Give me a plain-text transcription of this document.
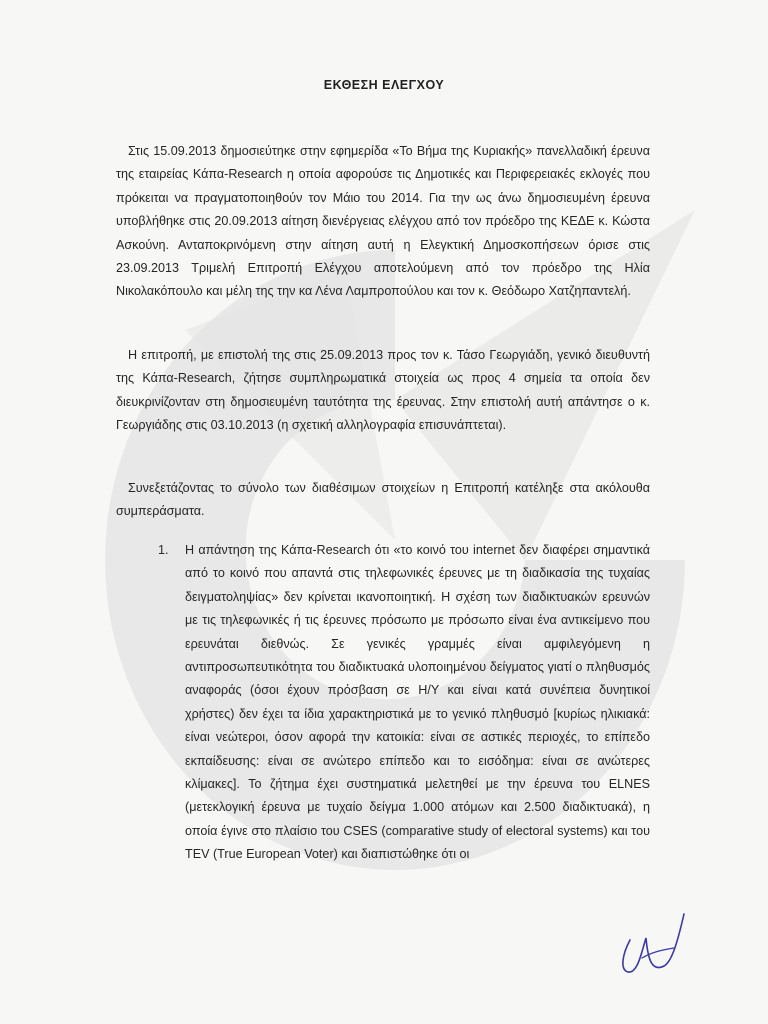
ΕΚΘΕΣΗ ΕΛΕΓΧΟΥ

Στις 15.09.2013 δημοσιεύτηκε στην εφημερίδα «Το Βήμα της Κυριακής» πανελλαδική έρευνα της εταιρείας Κάπα-Research η οποία αφορούσε τις Δημοτικές και Περιφερειακές εκλογές που πρόκειται να πραγματοποιηθούν τον Μάιο του 2014. Για την ως άνω δημοσιευμένη έρευνα υποβλήθηκε στις 20.09.2013 αίτηση διενέργειας ελέγχου από τον πρόεδρο της ΚΕΔΕ κ. Κώστα Ασκούνη. Ανταποκρινόμενη στην αίτηση αυτή η Ελεγκτική Δημοσκοπήσεων όρισε στις 23.09.2013 Τριμελή Επιτροπή Ελέγχου αποτελούμενη από τον πρόεδρο της Ηλία Νικολακόπουλο και μέλη της την κα Λένα Λαμπροπούλου και τον κ. Θεόδωρο Χατζηπαντελή.

Η επιτροπή, με επιστολή της στις 25.09.2013 προς τον κ. Τάσο Γεωργιάδη, γενικό διευθυντή της Κάπα-Research, ζήτησε συμπληρωματικά στοιχεία ως προς 4 σημεία τα οποία δεν διευκρινίζονταν στη δημοσιευμένη ταυτότητα της έρευνας. Στην επιστολή αυτή απάντησε ο κ. Γεωργιάδης στις 03.10.2013 (η σχετική αλληλογραφία επισυνάπτεται).

Συνεξετάζοντας το σύνολο των διαθέσιμων στοιχείων η Επιτροπή κατέληξε στα ακόλουθα συμπεράσματα.

1. Η απάντηση της Κάπα-Research ότι «το κοινό του internet δεν διαφέρει σημαντικά από το κοινό που απαντά στις τηλεφωνικές έρευνες με τη διαδικασία της τυχαίας δειγματοληψίας» δεν κρίνεται ικανοποιητική. Η σχέση των διαδικτυακών ερευνών με τις τηλεφωνικές ή τις έρευνες πρόσωπο με πρόσωπο είναι ένα αντικείμενο που ερευνάται διεθνώς. Σε γενικές γραμμές είναι αμφιλεγόμενη η αντιπροσωπευτικότητα του διαδικτυακά υλοποιημένου δείγματος γιατί ο πληθυσμός αναφοράς (όσοι έχουν πρόσβαση σε Η/Υ και είναι κατά συνέπεια δυνητικοί χρήστες) δεν έχει τα ίδια χαρακτηριστικά με το γενικό πληθυσμό [κυρίως ηλικιακά: είναι νεώτεροι, όσον αφορά την κατοικία: είναι σε αστικές περιοχές, το επίπεδο εκπαίδευσης: είναι σε ανώτερο επίπεδο και το εισόδημα: είναι σε ανώτερες κλίμακες]. Το ζήτημα έχει συστηματικά μελετηθεί με την έρευνα του ELNES (μετεκλογική έρευνα με τυχαίο δείγμα 1.000 ατόμων και 2.500 διαδικτυακά), η οποία έγινε στο πλαίσιο του CSES (comparative study of electoral systems) και του TEV (True European Voter) και διαπιστώθηκε ότι οι
